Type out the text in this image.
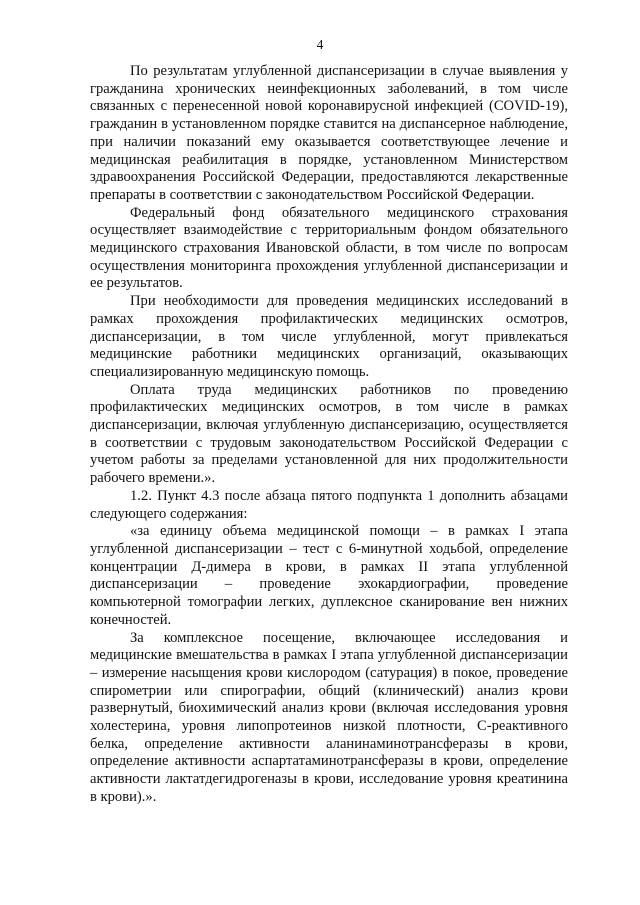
4

По результатам углубленной диспансеризации в случае выявления у гражданина хронических неинфекционных заболеваний, в том числе связанных с перенесенной новой коронавирусной инфекцией (COVID-19), гражданин в установленном порядке ставится на диспансерное наблюдение, при наличии показаний ему оказывается соответствующее лечение и медицинская реабилитация в порядке, установленном Министерством здравоохранения Российской Федерации, предоставляются лекарственные препараты в соответствии с законодательством Российской Федерации.

Федеральный фонд обязательного медицинского страхования осуществляет взаимодействие с территориальным фондом обязательного медицинского страхования Ивановской области, в том числе по вопросам осуществления мониторинга прохождения углубленной диспансеризации и ее результатов.

При необходимости для проведения медицинских исследований в рамках прохождения профилактических медицинских осмотров, диспансеризации, в том числе углубленной, могут привлекаться медицинские работники медицинских организаций, оказывающих специализированную медицинскую помощь.

Оплата труда медицинских работников по проведению профилактических медицинских осмотров, в том числе в рамках диспансеризации, включая углубленную диспансеризацию, осуществляется в соответствии с трудовым законодательством Российской Федерации с учетом работы за пределами установленной для них продолжительности рабочего времени.».

1.2. Пункт 4.3 после абзаца пятого подпункта 1 дополнить абзацами следующего содержания:

«за единицу объема медицинской помощи – в рамках I этапа углубленной диспансеризации – тест с 6-минутной ходьбой, определение концентрации Д-димера в крови, в рамках II этапа углубленной диспансеризации – проведение эхокардиографии, проведение компьютерной томографии легких, дуплексное сканирование вен нижних конечностей.

За комплексное посещение, включающее исследования и медицинские вмешательства в рамках I этапа углубленной диспансеризации – измерение насыщения крови кислородом (сатурация) в покое, проведение спирометрии или спирографии, общий (клинический) анализ крови развернутый, биохимический анализ крови (включая исследования уровня холестерина, уровня липопротеинов низкой плотности, С-реактивного белка, определение активности аланинаминотрансферазы в крови, определение активности аспартатаминотрансферазы в крови, определение активности лактатдегидрогеназы в крови, исследование уровня креатинина в крови).».
